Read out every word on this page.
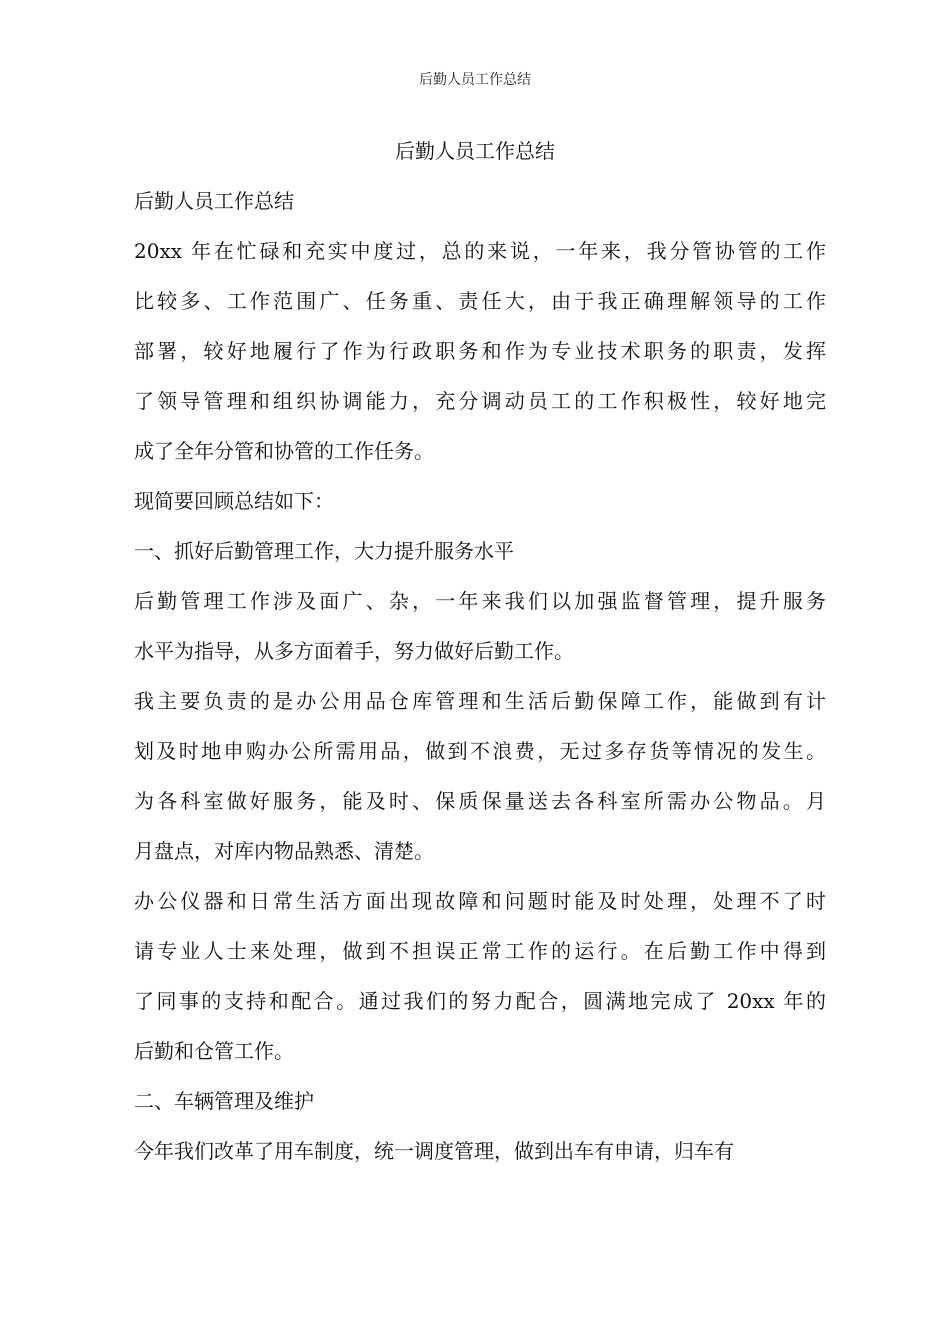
后勤人员工作总结
后勤人员工作总结
后勤人员工作总结
20xx 年在忙碌和充实中度过，总的来说，一年来，我分管协管的工作
比较多、工作范围广、任务重、责任大，由于我正确理解领导的工作
部署，较好地履行了作为行政职务和作为专业技术职务的职责，发挥
了领导管理和组织协调能力，充分调动员工的工作积极性，较好地完
成了全年分管和协管的工作任务。
现简要回顾总结如下：
一、抓好后勤管理工作，大力提升服务水平
后勤管理工作涉及面广、杂，一年来我们以加强监督管理，提升服务
水平为指导，从多方面着手，努力做好后勤工作。
我主要负责的是办公用品仓库管理和生活后勤保障工作，能做到有计
划及时地申购办公所需用品，做到不浪费，无过多存货等情况的发生。
为各科室做好服务，能及时、保质保量送去各科室所需办公物品。月
月盘点，对库内物品熟悉、清楚。
办公仪器和日常生活方面出现故障和问题时能及时处理，处理不了时
请专业人士来处理，做到不担误正常工作的运行。在后勤工作中得到
了同事的支持和配合。通过我们的努力配合，圆满地完成了 20xx 年的
后勤和仓管工作。
二、车辆管理及维护
今年我们改革了用车制度，统一调度管理，做到出车有申请，归车有
